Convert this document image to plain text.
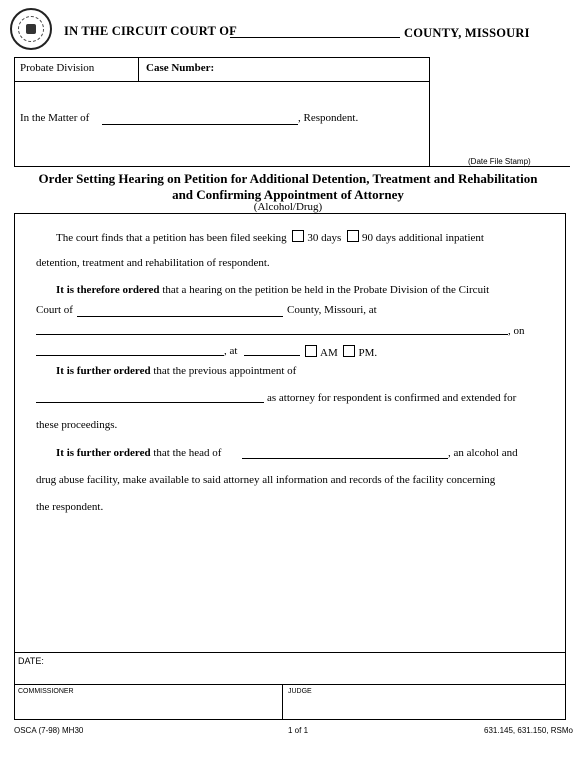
IN THE CIRCUIT COURT OF	COUNTY, MISSOURI
Probate Division	Case Number:
In the Matter of	, Respondent.
(Date File Stamp)
Order Setting Hearing on Petition for Additional Detention, Treatment and Rehabilitation
and Confirming Appointment of Attorney
(Alcohol/Drug)
The court finds that a petition has been filed seeking 30 days 90 days additional inpatient
detention, treatment and rehabilitation of respondent.
It is therefore ordered that a hearing on the petition be held in the Probate Division of the Circuit
Court of	County, Missouri, at
, on
, at	AM PM.
It is further ordered that the previous appointment of
as attorney for respondent is confirmed and extended for
these proceedings.
It is further ordered that the head of	, an alcohol and
drug abuse facility, make available to said attorney all information and records of the facility concerning
the respondent.
DATE:
COMMISSIONER	JUDGE
OSCA (7-98) MH30	1 of 1	631.145, 631.150, RSMo
